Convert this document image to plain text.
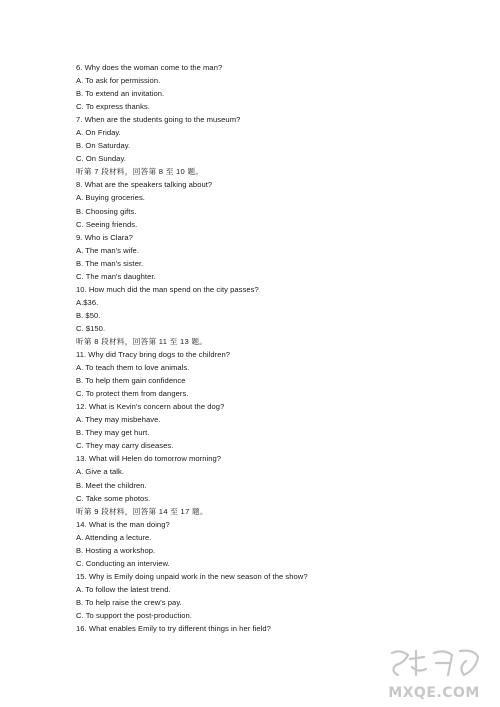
6. Why does the woman come to the man?
A. To ask for permission.
B. To extend an invitation.
C. To express thanks.
7. When are the students going to the museum?
A. On Friday.
B. On Saturday.
C. On Sunday.
听第 7 段材料，回答第 8 至 10 题。
8. What are the speakers talking about?
A. Buying groceries.
B. Choosing gifts.
C. Seeing friends.
9. Who is Clara?
A. The man's wife.
B. The man's sister.
C. The man's daughter.
10. How much did the man spend on the city passes?
A.$36.
B. $50.
C. $150.
听第 8 段材料，回答第 11 至 13 题。
11. Why did Tracy bring dogs to the children?
A. To teach them to love animals.
B. To help them gain confidence
C. To protect them from dangers.
12. What is Kevin's concern about the dog?
A. They may misbehave.
B. They may get hurt.
C. They may carry diseases.
13. What will Helen do tomorrow morning?
A. Give a talk.
B. Meet the children.
C. Take some photos.
听第 9 段材料，回答第 14 至 17 题。
14. What is the man doing?
A. Attending a lecture.
B. Hosting a workshop.
C. Conducting an interview.
15. Why is Emily doing unpaid work in the new season of the show?
A. To follow the latest trend.
B. To help raise the crew's pay.
C. To support the post-production.
16. What enables Emily to try different things in her field?
MXQE.COM
